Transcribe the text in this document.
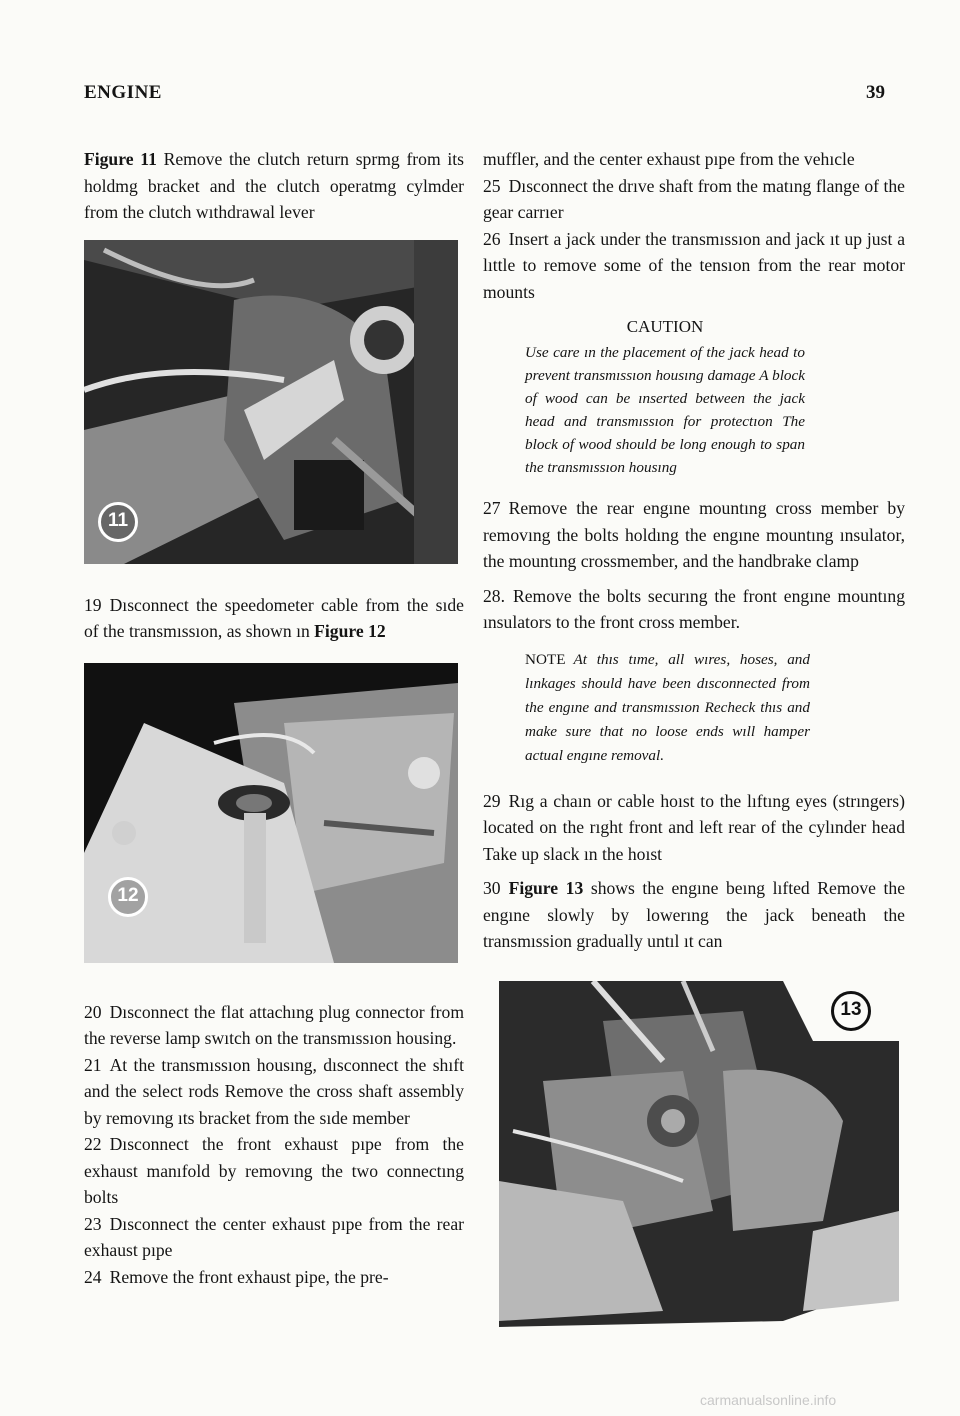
ENGINE	39

Figure 11 Remove the clutch return sprmg from its holdmg bracket and the clutch operatmg cylmder from the clutch wıthdrawal lever

11

19 Dısconnect the speedometer cable from the sıde of the transmıssıon, as shown ın Figure 12

12

20 Dısconnect the flat attachıng plug connector from the reverse lamp swıtch on the transmıssıon housing.

21 At the transmıssıon housıng, dısconnect the shıft and the select rods Remove the cross shaft assembly by removıng ıts bracket from the sıde member

22 Dısconnect the front exhaust pıpe from the exhaust manıfold by removıng the two connectıng bolts

23 Dısconnect the center exhaust pıpe from the rear exhaust pıpe

24 Remove the front exhaust pipe, the pre-

muffler, and the center exhaust pıpe from the vehıcle

25 Dısconnect the drıve shaft from the matıng flange of the gear carrıer

26 Insert a jack under the transmıssıon and jack ıt up just a lıttle to remove some of the tensıon from the rear motor mounts

CAUTION
Use care ın the placement of the jack head to prevent transmıssıon housıng damage A block of wood can be ınserted between the jack head and transmıssıon for protectıon The block of wood should be long enough to span the transmıssıon housıng

27 Remove the rear engıne mountıng cross member by removıng the bolts holdıng the engıne mountıng ınsulator, the mountıng crossmember, and the handbrake clamp

28. Remove the bolts securıng the front engıne mountıng ınsulators to the front cross member.

NOTE At thıs tıme, all wıres, hoses, and lınkages should have been dısconnected from the engıne and transmıssıon Recheck thıs and make sure that no loose ends wıll hamper actual engıne removal.

29 Rıg a chaın or cable hoıst to the lıftıng eyes (strıngers) located on the rıght front and left rear of the cylınder head Take up slack ın the hoıst

30 Figure 13 shows the engıne beıng lıfted Remove the engıne slowly by lowerıng the jack beneath the transmıssion gradually untıl ıt can

13
carmanualsonline.info
